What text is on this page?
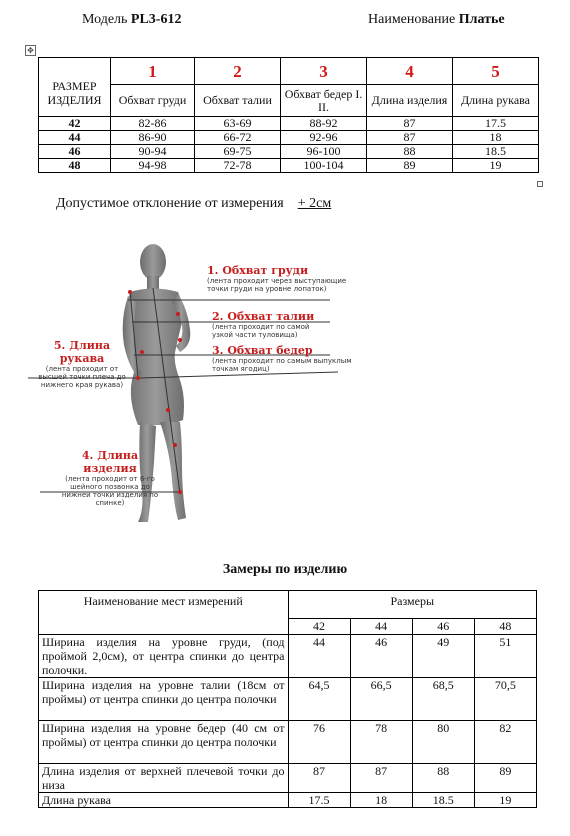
Модель PL3-612	Наименование Платье
✥
РАЗМЕР ИЗДЕЛИЯ	1	2	3	4	5
	Обхват груди	Обхват талии	Обхват бедер I. II.	Длина изделия	Длина рукава
42	82-86	63-69	88-92	87	17.5
44	86-90	66-72	92-96	87	18
46	90-94	69-75	96-100	88	18.5
48	94-98	72-78	100-104	89	19
Допустимое отклонение от измерения + 2см
1. Обхват груди
(лента проходит через выступающие точки груди на уровне лопаток)
2. Обхват талии
(лента проходит по самой узкой части туловища)
3. Обхват бедер
(лента проходит по самым выпуклым точкам ягодиц)
5. Длина рукава
(лента проходит от высшей точки плеча до нижнего края рукава)
4. Длина изделия
(лента проходит от 6-го шейного позвонка до нижней точки изделия по спинке)
Замеры по изделию
Наименование мест измерений	Размеры			
	42	44	46	48
Ширина изделия на уровне груди, (под проймой 2,0см), от центра спинки до центра полочки.	44	46	49	51
Ширина изделия на уровне талии (18см от проймы) от центра спинки до центра полочки	64,5	66,5	68,5	70,5
Ширина изделия на уровне бедер (40 см от проймы) от центра спинки до центра полочки	76	78	80	82
Длина изделия от верхней плечевой точки до низа	87	87	88	89
Длина рукава	17.5	18	18.5	19
